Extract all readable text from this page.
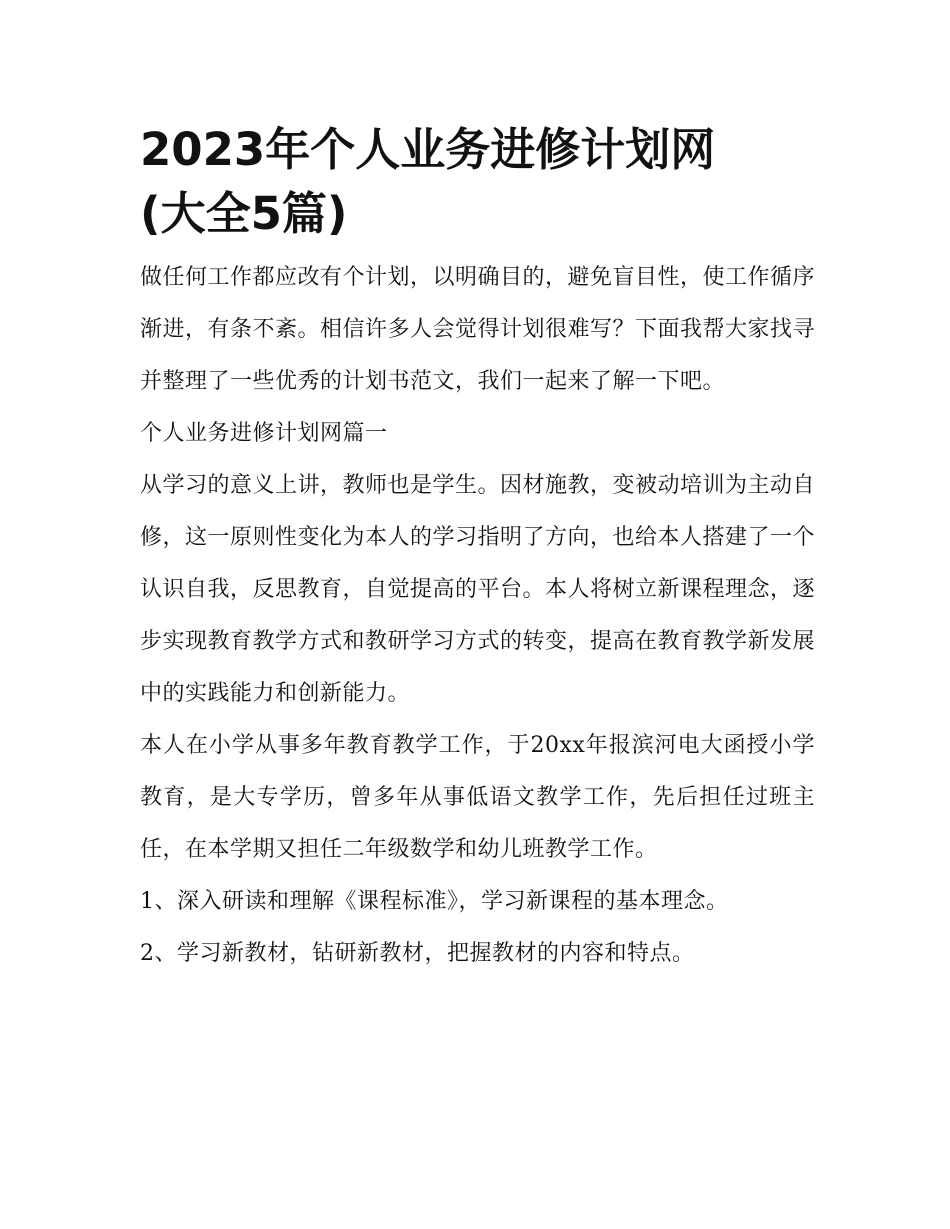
2023年个人业务进修计划网
(大全5篇)

做任何工作都应改有个计划，以明确目的，避免盲目性，使工作循序渐进，有条不紊。相信许多人会觉得计划很难写？下面我帮大家找寻并整理了一些优秀的计划书范文，我们一起来了解一下吧。

个人业务进修计划网篇一

从学习的意义上讲，教师也是学生。因材施教，变被动培训为主动自修，这一原则性变化为本人的学习指明了方向，也给本人搭建了一个认识自我，反思教育，自觉提高的平台。本人将树立新课程理念，逐步实现教育教学方式和教研学习方式的转变，提高在教育教学新发展中的实践能力和创新能力。

本人在小学从事多年教育教学工作，于20xx年报滨河电大函授小学教育，是大专学历，曾多年从事低语文教学工作，先后担任过班主任，在本学期又担任二年级数学和幼儿班教学工作。

1、深入研读和理解《课程标准》，学习新课程的基本理念。

2、学习新教材，钻研新教材，把握教材的内容和特点。
